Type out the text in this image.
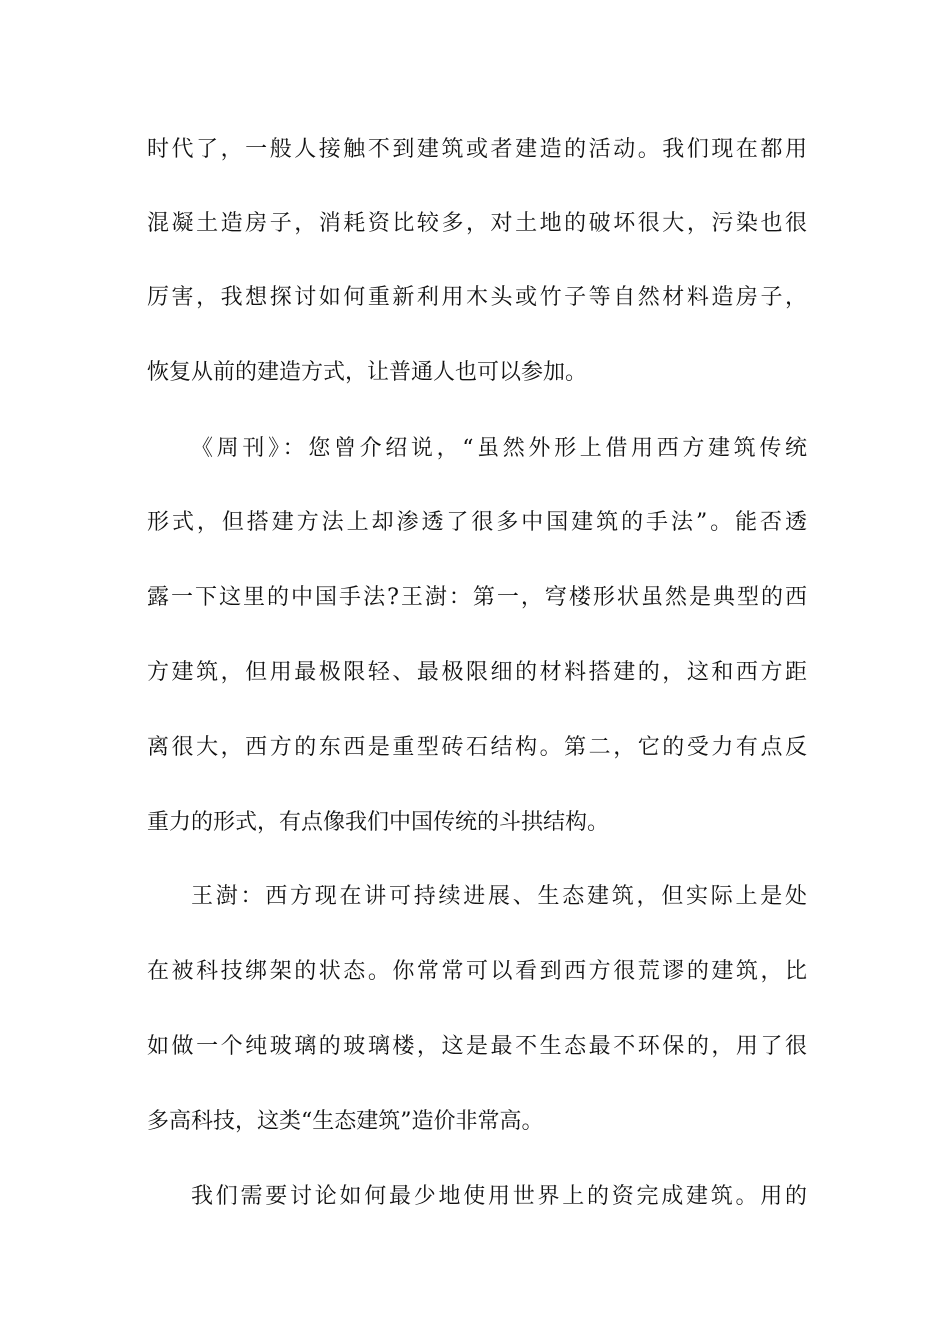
时代了，一般人接触不到建筑或者建造的活动。我们现在都用
混凝土造房子，消耗资比较多，对土地的破坏很大，污染也很
厉害，我想探讨如何重新利用木头或竹子等自然材料造房子，
恢复从前的建造方式，让普通人也可以参加。
《周刊》：您曾介绍说，“虽然外形上借用西方建筑传统
形式，但搭建方法上却渗透了很多中国建筑的手法”。能否透
露一下这里的中国手法?王澍：第一，穹楼形状虽然是典型的西
方建筑，但用最极限轻、最极限细的材料搭建的，这和西方距
离很大，西方的东西是重型砖石结构。第二，它的受力有点反
重力的形式，有点像我们中国传统的斗拱结构。
王澍：西方现在讲可持续进展、生态建筑，但实际上是处
在被科技绑架的状态。你常常可以看到西方很荒谬的建筑，比
如做一个纯玻璃的玻璃楼，这是最不生态最不环保的，用了很
多高科技，这类“生态建筑”造价非常高。
我们需要讨论如何最少地使用世界上的资完成建筑。用的
